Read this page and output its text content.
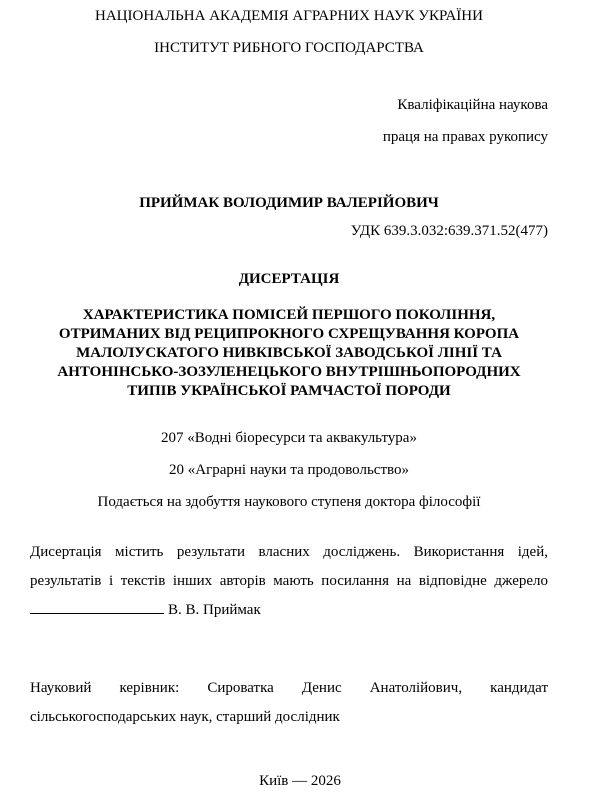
НАЦІОНАЛЬНА АКАДЕМІЯ АГРАРНИХ НАУК УКРАЇНИ

ІНСТИТУТ РИБНОГО ГОСПОДАРСТВА

Кваліфікаційна наукова

праця на правах рукопису

ПРИЙМАК ВОЛОДИМИР ВАЛЕРІЙОВИЧ

УДК 639.3.032:639.371.52(477)

ДИСЕРТАЦІЯ

ХАРАКТЕРИСТИКА ПОМІСЕЙ ПЕРШОГО ПОКОЛІННЯ,
ОТРИМАНИХ ВІД РЕЦИПРОКНОГО СХРЕЩУВАННЯ КОРОПА
МАЛОЛУСКАТОГО НИВКІВСЬКОЇ ЗАВОДСЬКОЇ ЛІНІЇ ТА
АНТОНІНСЬКО-ЗОЗУЛЕНЕЦЬКОГО ВНУТРІШНЬОПОРОДНИХ
ТИПІВ УКРАЇНСЬКОЇ РАМЧАСТОЇ ПОРОДИ

207 «Водні біоресурси та аквакультура»

20 «Аграрні науки та продовольство»

Подається на здобуття наукового ступеня доктора філософії

Дисертація містить результати власних досліджень. Використання ідей,
результатів і текстів інших авторів мають посилання на відповідне джерело
В. В. Приймак
Науковий керівник: Сироватка Денис Анатолійович, кандидат
сільськогосподарських наук, старший дослідник
Київ — 2026
